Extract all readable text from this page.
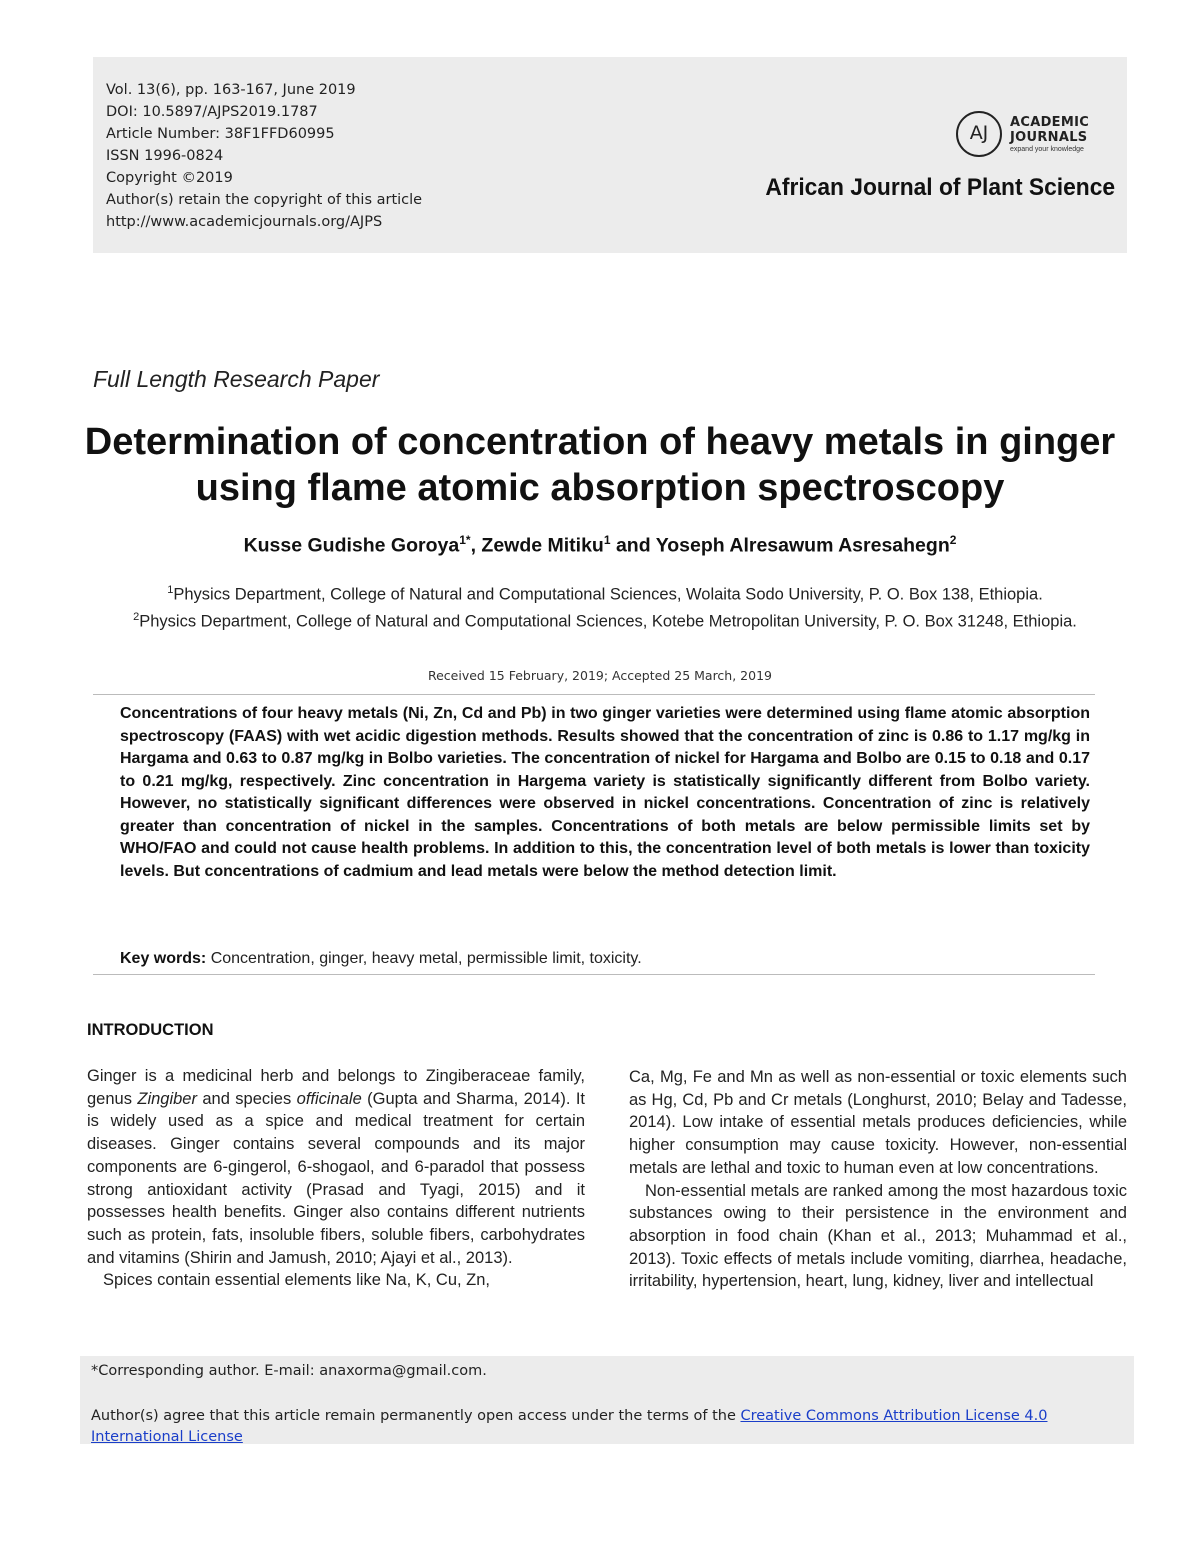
Vol. 13(6), pp. 163-167, June 2019
DOI: 10.5897/AJPS2019.1787
Article Number: 38F1FFD60995
ISSN 1996-0824
Copyright ©2019
Author(s) retain the copyright of this article
http://www.academicjournals.org/AJPS
AJ	ACADEMIC
JOURNALS
expand your knowledge
African Journal of Plant Science
Full Length Research Paper
Determination of concentration of heavy metals in ginger using flame atomic absorption spectroscopy
Kusse Gudishe Goroya$^{1*}$, Zewde Mitiku$^1$ and Yoseph Alresawum Asresahegn$^2$
$^1$Physics Department, College of Natural and Computational Sciences, Wolaita Sodo University, P. O. Box 138, Ethiopia.
$^2$Physics Department, College of Natural and Computational Sciences, Kotebe Metropolitan University, P. O. Box 31248, Ethiopia.
Received 15 February, 2019; Accepted 25 March, 2019
Concentrations of four heavy metals (Ni, Zn, Cd and Pb) in two ginger varieties were determined using flame atomic absorption spectroscopy (FAAS) with wet acidic digestion methods. Results showed that the concentration of zinc is 0.86 to 1.17 mg/kg in Hargama and 0.63 to 0.87 mg/kg in Bolbo varieties. The concentration of nickel for Hargama and Bolbo are 0.15 to 0.18 and 0.17 to 0.21 mg/kg, respectively. Zinc concentration in Hargema variety is statistically significantly different from Bolbo variety. However, no statistically significant differences were observed in nickel concentrations. Concentration of zinc is relatively greater than concentration of nickel in the samples. Concentrations of both metals are below permissible limits set by WHO/FAO and could not cause health problems. In addition to this, the concentration level of both metals is lower than toxicity levels. But concentrations of cadmium and lead metals were below the method detection limit.
Key words: Concentration, ginger, heavy metal, permissible limit, toxicity.
INTRODUCTION

Ginger is a medicinal herb and belongs to Zingiberaceae family, genus Zingiber and species officinale (Gupta and Sharma, 2014). It is widely used as a spice and medical treatment for certain diseases. Ginger contains several compounds and its major components are 6-gingerol, 6-shogaol, and 6-paradol that possess strong antioxidant activity (Prasad and Tyagi, 2015) and it possesses health benefits. Ginger also contains different nutrients such as protein, fats, insoluble fibers, soluble fibers, carbohydrates and vitamins (Shirin and Jamush, 2010; Ajayi et al., 2013).

Spices contain essential elements like Na, K, Cu, Zn,

Ca, Mg, Fe and Mn as well as non-essential or toxic elements such as Hg, Cd, Pb and Cr metals (Longhurst, 2010; Belay and Tadesse, 2014). Low intake of essential metals produces deficiencies, while higher consumption may cause toxicity. However, non-essential metals are lethal and toxic to human even at low concentrations.

Non-essential metals are ranked among the most hazardous toxic substances owing to their persistence in the environment and absorption in food chain (Khan et al., 2013; Muhammad et al., 2013). Toxic effects of metals include vomiting, diarrhea, headache, irritability, hypertension, heart, lung, kidney, liver and intellectual

*Corresponding author. E-mail: anaxorma@gmail.com.
Author(s) agree that this article remain permanently open access under the terms of the Creative Commons Attribution License 4.0 International License
